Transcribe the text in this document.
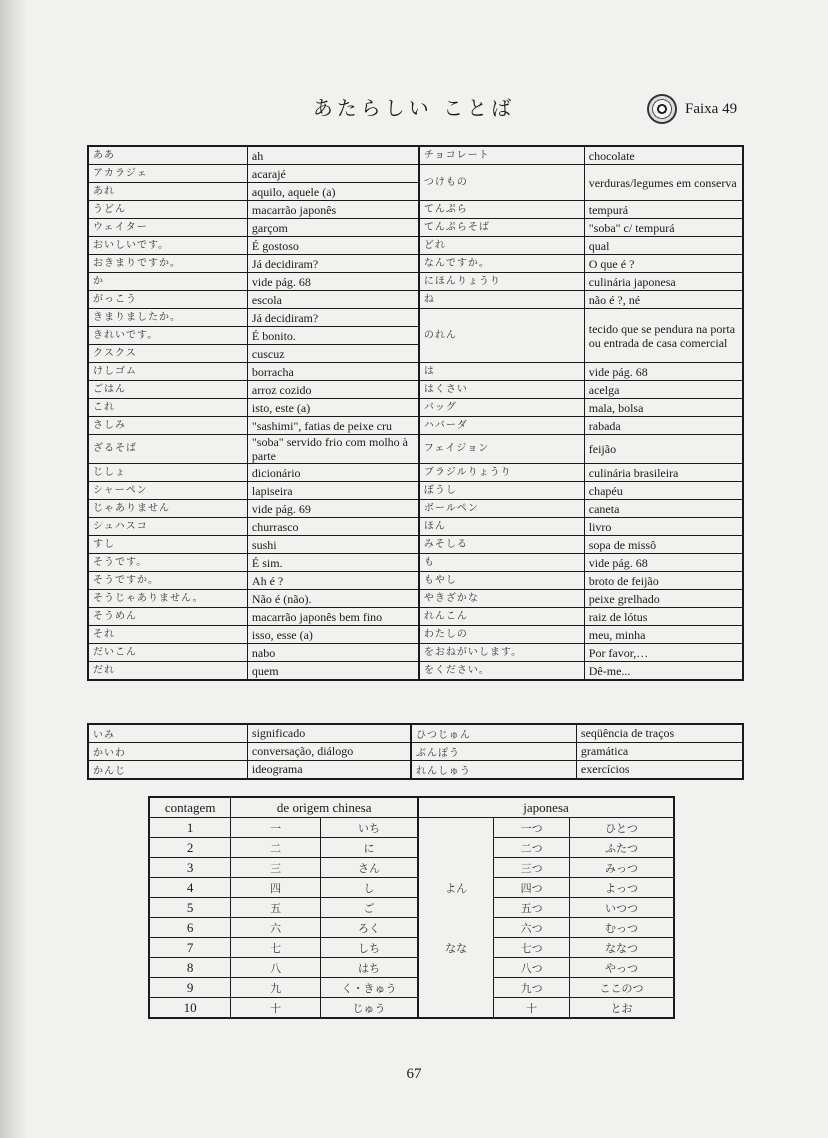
あたらしい ことば	Faixa 49
ああ	ah	チョコレート	chocolate
アカラジェ	acarajé	つけもの	verduras/legumes em conserva
あれ	aquilo, aquele (a)		
うどん	macarrão japonês	てんぷら	tempurá
ウェイター	garçom	てんぷらそば	"soba" c/ tempurá
おいしいです。	É gostoso	どれ	qual
おきまりですか。	Já decidiram?	なんですか。	O que é ?
か	vide pág. 68	にほんりょうり	culinária japonesa
がっこう	escola	ね	não é ?, né
きまりましたか。	Já decidiram?	のれん	tecido que se pendura na porta ou entrada de casa comercial
きれいです。	É bonito.		
クスクス	cuscuz		
けしゴム	borracha	は	vide pág. 68
ごはん	arroz cozido	はくさい	acelga
これ	isto, este (a)	バッグ	mala, bolsa
さしみ	"sashimi", fatias de peixe cru	ハバーダ	rabada
ざるそば	"soba" servido frio com molho à parte	フェイジョン	feijão
じしょ	dicionário	ブラジルりょうり	culinária brasileira
シャーペン	lapiseira	ぼうし	chapéu
じゃありません	vide pág. 69	ボールペン	caneta
シュハスコ	churrasco	ほん	livro
すし	sushi	みそしる	sopa de missô
そうです。	É sim.	も	vide pág. 68
そうですか。	Ah é ?	もやし	broto de feijão
そうじゃありません。	Não é (não).	やきざかな	peixe grelhado
そうめん	macarrão japonês bem fino	れんこん	raiz de lótus
それ	isso, esse (a)	わたしの	meu, minha
だいこん	nabo	をおねがいします。	Por favor,…
だれ	quem	をください。	Dê-me...
いみ	significado	ひつじゅん	seqüência de traços
かいわ	conversação, diálogo	ぶんぽう	gramática
かんじ	ideograma	れんしゅう	exercícios
contagem	de origem chinesa		japonesa		
1	一	いち		一つ	ひとつ
2	二	に		二つ	ふたつ
3	三	さん		三つ	みっつ
4	四	し	よん	四つ	よっつ
5	五	ご		五つ	いつつ
6	六	ろく		六つ	むっつ
7	七	しち	なな	七つ	ななつ
8	八	はち		八つ	やっつ
9	九	く・きゅう		九つ	ここのつ
10	十	じゅう		十	とお
67
